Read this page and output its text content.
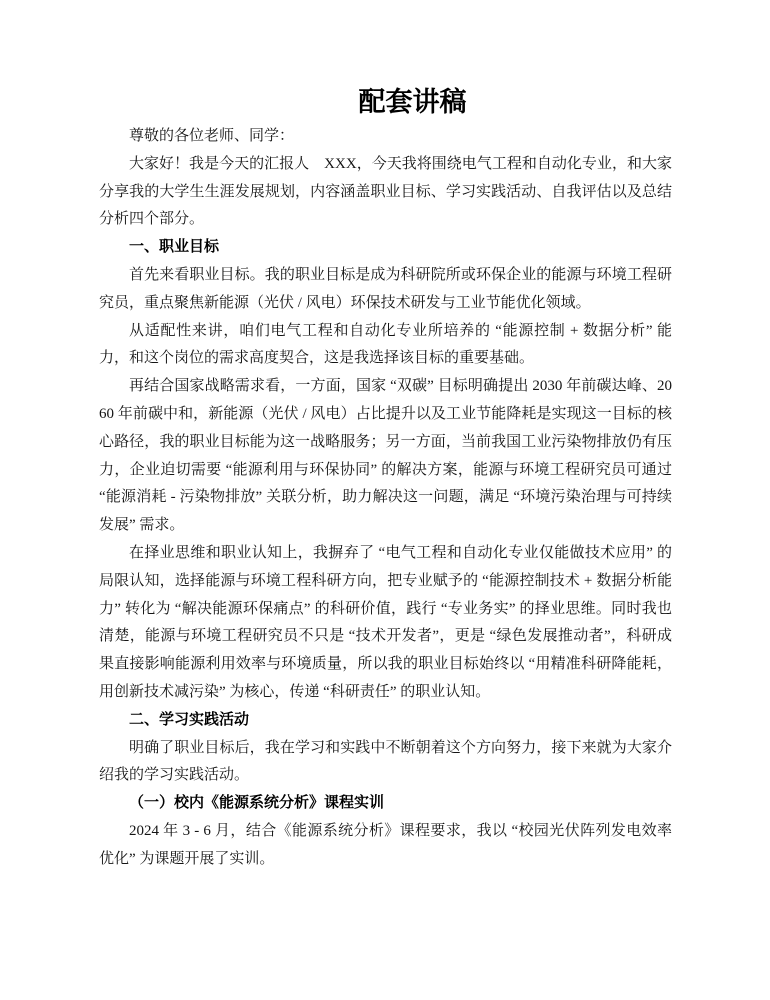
配套讲稿

尊敬的各位老师、同学：

大家好！我是今天的汇报人　XXX，今天我将围绕电气工程和自动化专业，和大家分享我的大学生生涯发展规划，内容涵盖职业目标、学习实践活动、自我评估以及总结分析四个部分。

一、职业目标

首先来看职业目标。我的职业目标是成为科研院所或环保企业的能源与环境工程研究员，重点聚焦新能源（光伏 / 风电）环保技术研发与工业节能优化领域。

从适配性来讲，咱们电气工程和自动化专业所培养的 “能源控制 + 数据分析” 能力，和这个岗位的需求高度契合，这是我选择该目标的重要基础。

再结合国家战略需求看，一方面，国家 “双碳” 目标明确提出 2030 年前碳达峰、2060 年前碳中和，新能源（光伏 / 风电）占比提升以及工业节能降耗是实现这一目标的核心路径，我的职业目标能为这一战略服务；另一方面，当前我国工业污染物排放仍有压力，企业迫切需要 “能源利用与环保协同” 的解决方案，能源与环境工程研究员可通过 “能源消耗 - 污染物排放” 关联分析，助力解决这一问题，满足 “环境污染治理与可持续发展” 需求。

在择业思维和职业认知上，我摒弃了 “电气工程和自动化专业仅能做技术应用” 的局限认知，选择能源与环境工程科研方向，把专业赋予的 “能源控制技术 + 数据分析能力” 转化为 “解决能源环保痛点” 的科研价值，践行 “专业务实” 的择业思维。同时我也清楚，能源与环境工程研究员不只是 “技术开发者”，更是 “绿色发展推动者”，科研成果直接影响能源利用效率与环境质量，所以我的职业目标始终以 “用精准科研降能耗，用创新技术减污染” 为核心，传递 “科研责任” 的职业认知。

二、学习实践活动

明确了职业目标后，我在学习和实践中不断朝着这个方向努力，接下来就为大家介绍我的学习实践活动。

（一）校内《能源系统分析》课程实训

2024 年 3 - 6 月，结合《能源系统分析》课程要求，我以 “校园光伏阵列发电效率优化” 为课题开展了实训。
